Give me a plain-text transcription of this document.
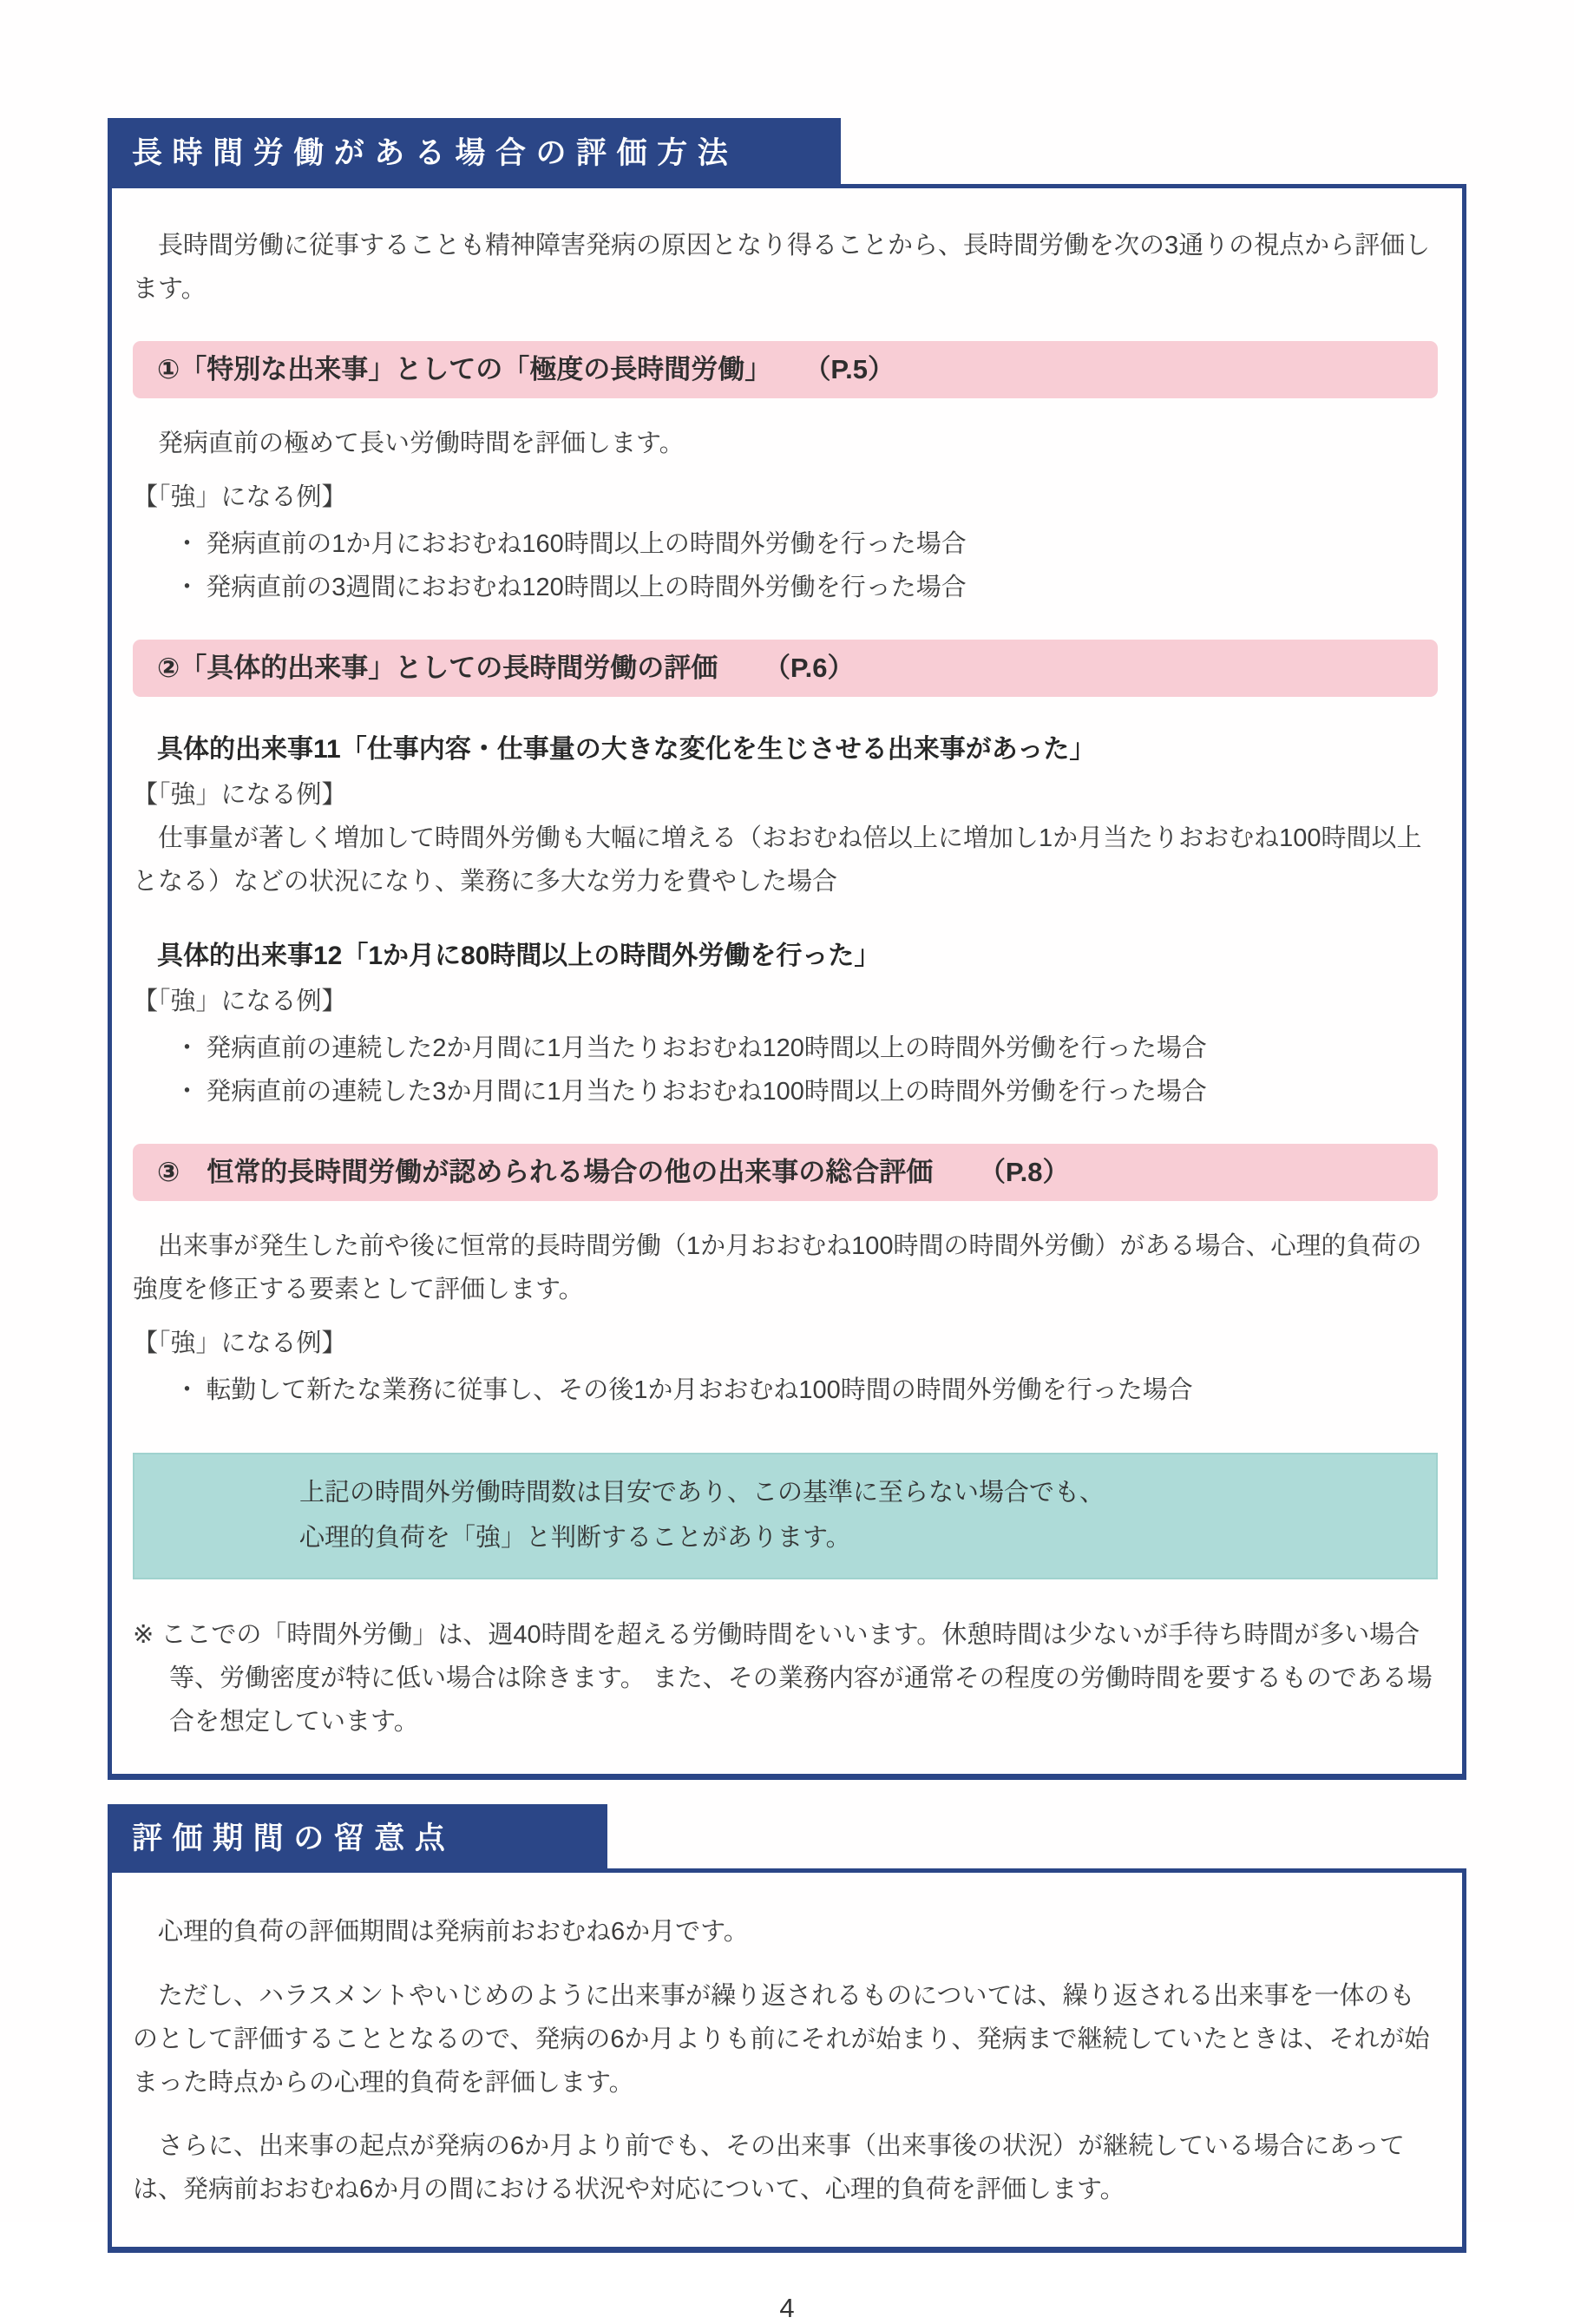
長時間労働がある場合の評価方法

　長時間労働に従事することも精神障害発病の原因となり得ることから、長時間労働を次の3通りの視点から評価します。

①「特別な出来事」としての「極度の長時間労働」 （P.5）

　発病直前の極めて長い労働時間を評価します。

【「強」になる例】

・ 発病直前の1か月におおむね160時間以上の時間外労働を行った場合
・ 発病直前の3週間におおむね120時間以上の時間外労働を行った場合
②「具体的出来事」としての長時間労働の評価 （P.6）

具体的出来事11「仕事内容・仕事量の大きな変化を生じさせる出来事があった」

【「強」になる例】

　仕事量が著しく増加して時間外労働も大幅に増える（おおむね倍以上に増加し1か月当たりおおむね100時間以上となる）などの状況になり、業務に多大な労力を費やした場合

具体的出来事12「1か月に80時間以上の時間外労働を行った」

【「強」になる例】

・ 発病直前の連続した2か月間に1月当たりおおむね120時間以上の時間外労働を行った場合
・ 発病直前の連続した3か月間に1月当たりおおむね100時間以上の時間外労働を行った場合
③　恒常的長時間労働が認められる場合の他の出来事の総合評価 （P.8）

　出来事が発生した前や後に恒常的長時間労働（1か月おおむね100時間の時間外労働）がある場合、心理的負荷の強度を修正する要素として評価します。

【「強」になる例】

・ 転勤して新たな業務に従事し、その後1か月おおむね100時間の時間外労働を行った場合
上記の時間外労働時間数は目安であり、この基準に至らない場合でも、
心理的負荷を「強」と判断することがあります。

※ ここでの「時間外労働」は、週40時間を超える労働時間をいいます。休憩時間は少ないが手待ち時間が多い場合等、労働密度が特に低い場合は除きます。 また、その業務内容が通常その程度の労働時間を要するものである場合を想定しています。

評価期間の留意点

　心理的負荷の評価期間は発病前おおむね6か月です。

　ただし、ハラスメントやいじめのように出来事が繰り返されるものについては、繰り返される出来事を一体のものとして評価することとなるので、発病の6か月よりも前にそれが始まり、発病まで継続していたときは、それが始まった時点からの心理的負荷を評価します。

　さらに、出来事の起点が発病の6か月より前でも、その出来事（出来事後の状況）が継続している場合にあっては、発病前おおむね6か月の間における状況や対応について、心理的負荷を評価します。

4
